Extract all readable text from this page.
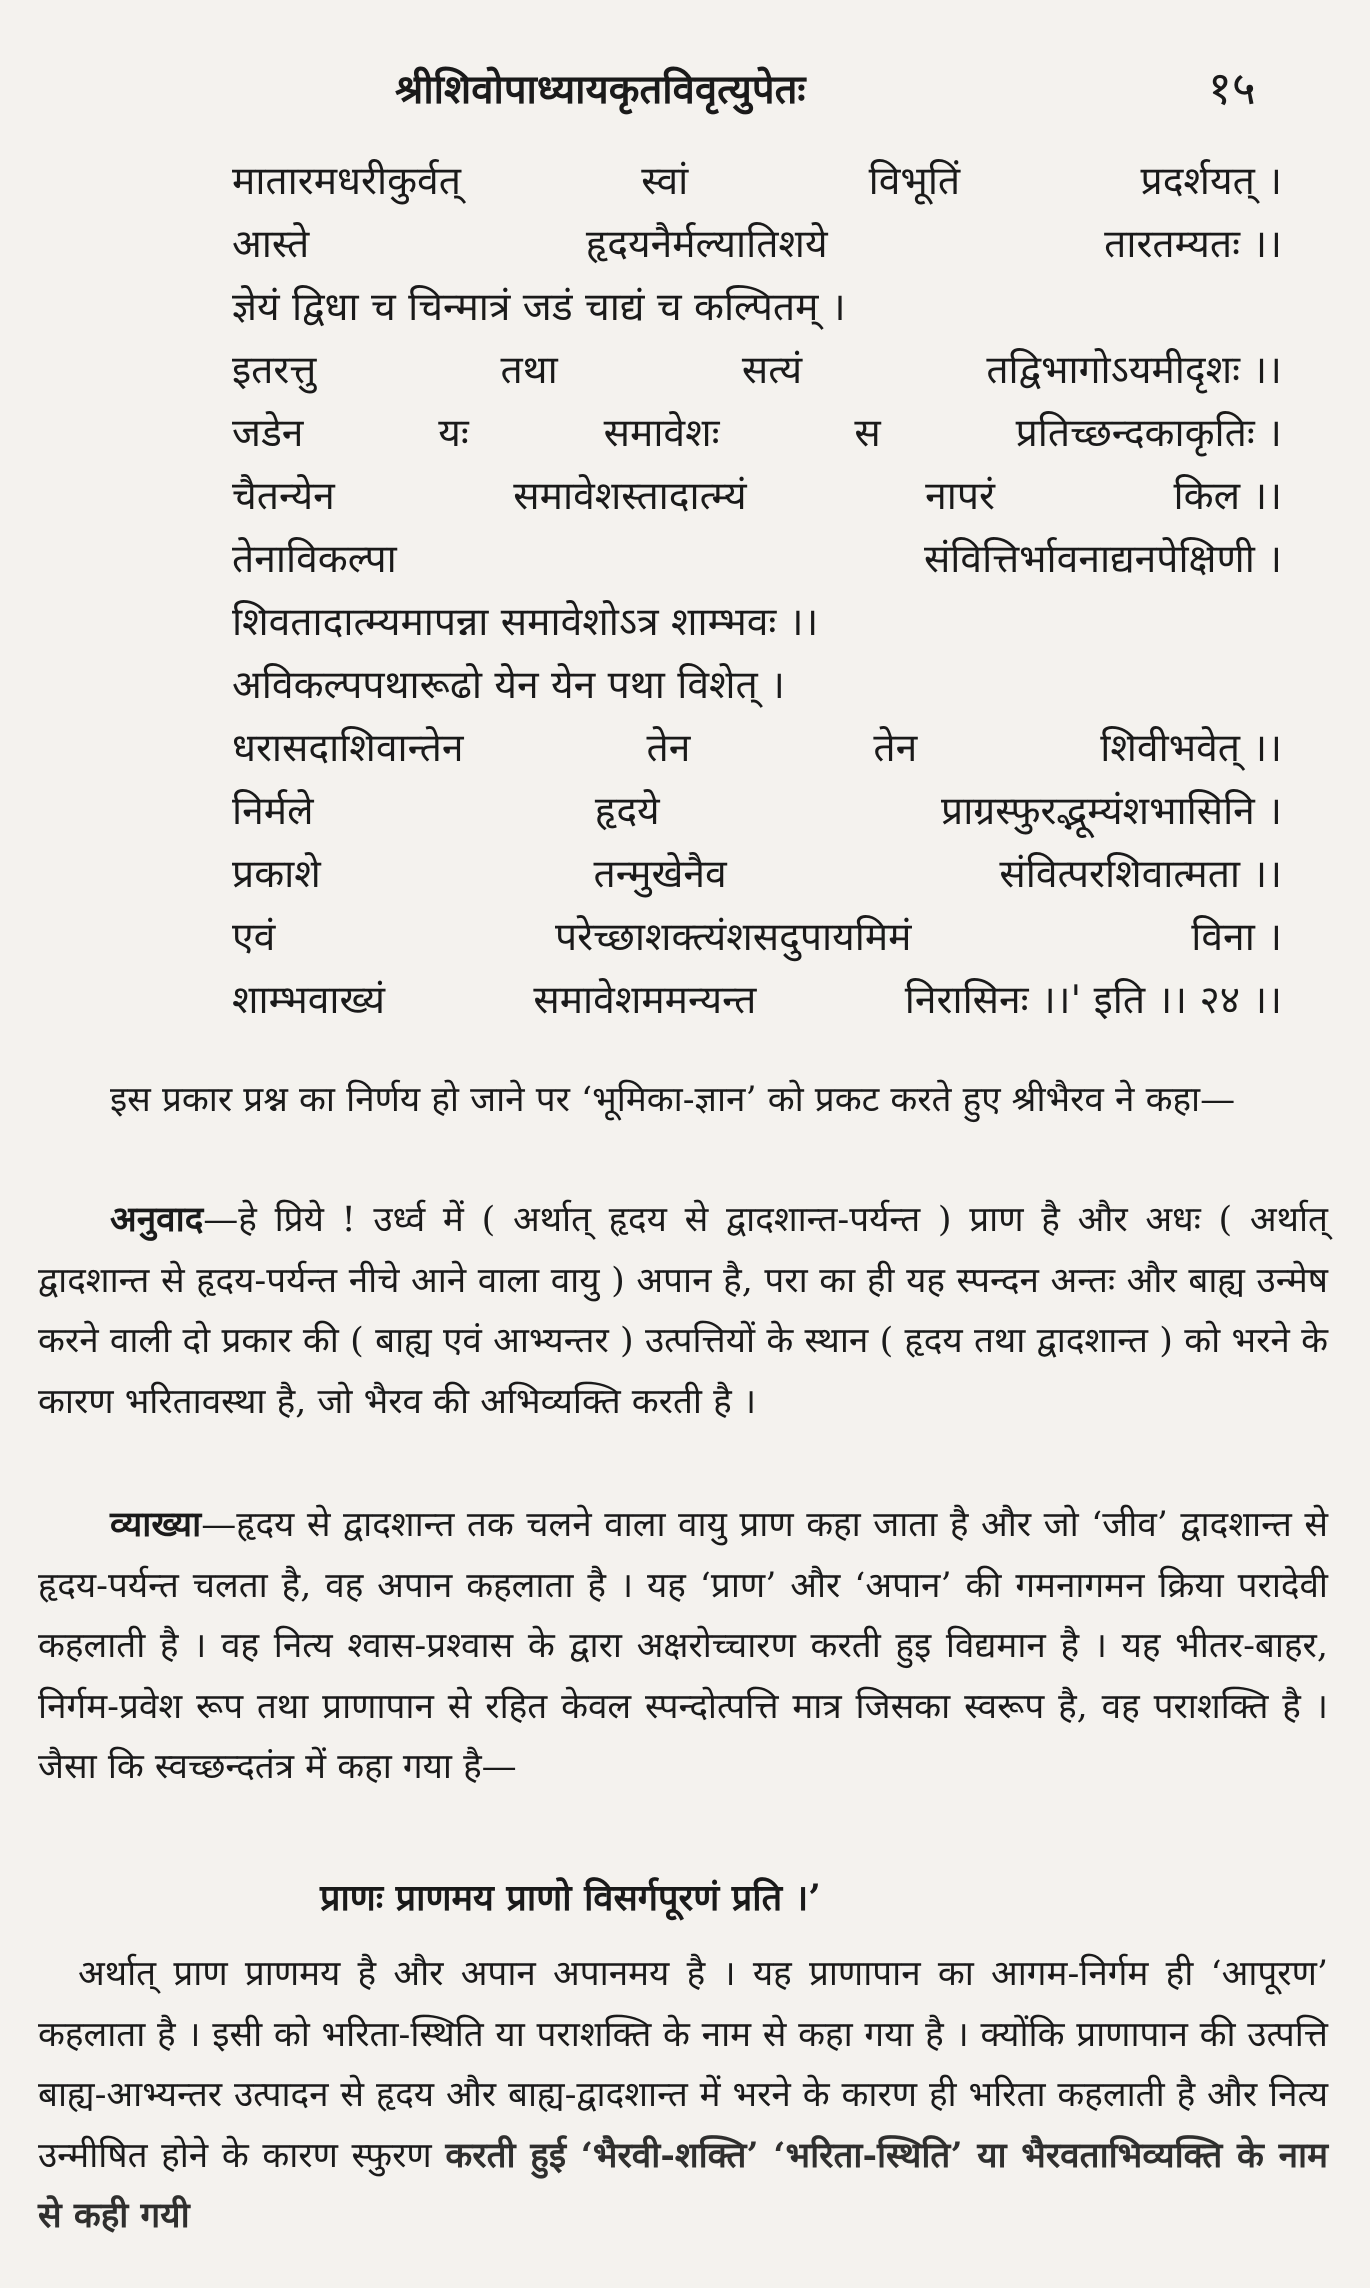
श्रीशिवोपाध्यायकृतविवृत्युपेतः	१५
मातारमधरीकुर्वत्	स्वां	विभूतिं	प्रदर्शयत् ।
आस्ते	हृदयनैर्मल्यातिशये	तारतम्यतः ।।
ज्ञेयं द्विधा च चिन्मात्रं जडं चाद्यं च कल्पितम् ।
इतरत्तु	तथा	सत्यं	तद्विभागोऽयमीदृशः ।।
जडेन	यः	समावेशः	स	प्रतिच्छन्दकाकृतिः ।
चैतन्येन	समावेशस्तादात्म्यं	नापरं	किल ।।
तेनाविकल्पा	संवित्तिर्भावनाद्यनपेक्षिणी ।
शिवतादात्म्यमापन्ना समावेशोऽत्र शाम्भवः ।।
अविकल्पपथारूढो येन येन पथा विशेत् ।
धरासदाशिवान्तेन	तेन	तेन	शिवीभवेत् ।।
निर्मले	हृदये	प्राग्रस्फुरद्भूम्यंशभासिनि ।
प्रकाशे	तन्मुखेनैव	संवित्परशिवात्मता ।।
एवं	परेच्छाशक्त्यंशसदुपायमिमं	विना ।
शाम्भवाख्यं	समावेशममन्यन्त	निरासिनः ।।' इति ।। २४ ।।

इस प्रकार प्रश्न का निर्णय हो जाने पर ‘भूमिका-ज्ञान’ को प्रकट करते हुए श्रीभैरव ने कहा—

अनुवाद—हे प्रिये ! उर्ध्व में ( अर्थात् हृदय से द्वादशान्त-पर्यन्त ) प्राण है और अधः ( अर्थात् द्वादशान्त से हृदय-पर्यन्त नीचे आने वाला वायु ) अपान है, परा का ही यह स्पन्दन अन्तः और बाह्य उन्मेष करने वाली दो प्रकार की ( बाह्य एवं आभ्यन्तर ) उत्पत्तियों के स्थान ( हृदय तथा द्वादशान्त ) को भरने के कारण भरितावस्था है, जो भैरव की अभिव्यक्ति करती है ।

व्याख्या—हृदय से द्वादशान्त तक चलने वाला वायु प्राण कहा जाता है और जो ‘जीव’ द्वादशान्त से हृदय-पर्यन्त चलता है, वह अपान कहलाता है । यह ‘प्राण’ और ‘अपान’ की गमनागमन क्रिया परादेवी कहलाती है । वह नित्य श्वास-प्रश्वास के द्वारा अक्षरोच्चारण करती हुइ विद्यमान है । यह भीतर-बाहर, निर्गम-प्रवेश रूप तथा प्राणापान से रहित केवल स्पन्दोत्पत्ति मात्र जिसका स्वरूप है, वह पराशक्ति है । जैसा कि स्वच्छन्दतंत्र में कहा गया है—

प्राणः प्राणमय प्राणो विसर्गपूरणं प्रति ।’

अर्थात् प्राण प्राणमय है और अपान अपानमय है । यह प्राणापान का आगम-निर्गम ही ‘आपूरण’ कहलाता है । इसी को भरिता-स्थिति या पराशक्ति के नाम से कहा गया है । क्योंकि प्राणापान की उत्पत्ति बाह्य-आभ्यन्तर उत्पादन से हृदय और बाह्य-द्वादशान्त में भरने के कारण ही भरिता कहलाती है और नित्य उन्मीषित होने के कारण स्फुरण करती हुई ‘भैरवी-शक्ति’ ‘भरिता-स्थिति’ या भैरवताभिव्यक्ति के नाम से कही गयी
